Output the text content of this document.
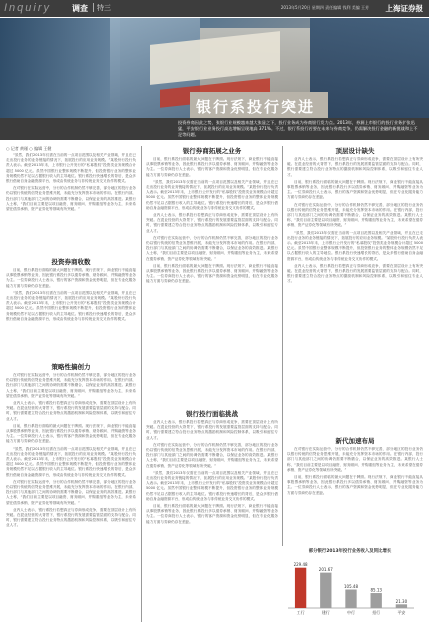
Inquiry	调查 特三	2013年5月20日 星期四 责任编辑 钱利 美编 王芳 上海证券报
银行系投行突进
投资券商因此之势，张银行业规模越来越大张显之下，投行业务成为券商银行发力点。2013年，券源上市银行的投行业务扩张迅猛，平安银行业业务投行高达增幅呈现地高 371%。不过，银行系投行若要在未来与券商竞争，仍需解决投行金融的新挑战和上不足等问题。
○ 记者 黄瑾 ○ 编辑 王健

“虽然，我们2013年仅需在当前的一点项目范围以及相关产业领域，并且在已走出投行业务的业务链接的情况下，拓展投行的应用业务规模。”某股份行投行负责人表示。截至2013年末，上市银行公开发行的“私募股权”投资类业务规模合计超过 5000 亿元。虽然中国银行业整体规模不断提升，但投资银行业务的整体业务规模仍然不足以占据银行收入的主导地位。银行系投行快速增长的背后，是众多银行借助自身金融资源平台，形成由传统业务与非传统业务交叉协作的模式。

在对银行在实际运营中，分行的合作机制仍然不够完善，部分地区的投行业务仍以银行传统的信贷业务思维开展，未能充分发挥资本市场的作用。在银行内部，投行部门与其他部门之间的协调仍需要不断磨合，以保证业务的高效推进。某银行人士称，“我们目前主要是以项目融资、财务顾问、并购重组等业务为主，未来希望在债券承销、资产证券化等领域有所突破。”

投资券商收数

目前，银行系投行面临的最大问题在于牌照。现行法规下，商业银行不能直接从事股票承销等业务，因此银行系投行多以债券承销、财务顾问、并购融资等业务为主。一位券商投行人士表示，银行的客户资源和资金优势明显，但在专业化服务能力方面与券商仍存在差距。

“虽然，我们2013年仅需在当前的一点项目范围以及相关产业领域，并且在已走出投行业务的业务链接的情况下，拓展投行的应用业务规模。”某股份行投行负责人表示。截至2013年末，上市银行公开发行的“私募股权”投资类业务规模合计超过 5000 亿元。虽然中国银行业整体规模不断提升，但投资银行业务的整体业务规模仍然不足以占据银行收入的主导地位。银行系投行快速增长的背后，是众多银行借助自身金融资源平台，形成由传统业务与非传统业务交叉协作的模式。

策略性搞创力

在对银行在实际运营中，分行的合作机制仍然不够完善，部分地区的投行业务仍以银行传统的信贷业务思维开展，未能充分发挥资本市场的作用。在银行内部，投行部门与其他部门之间的协调仍需要不断磨合，以保证业务的高效推进。某银行人士称，“我们目前主要是以项目融资、财务顾问、并购重组等业务为主，未来希望在债券承销、资产证券化等领域有所突破。”

业内人士表示，银行系投行若想真正与券商形成竞争，需要在顶层设计上有所突破。在混业经营的大背景下，银行系投行的发展需要监管层面的支持与配合。同时，银行需要建立符合投行业务特点的激励机制和风险控制体系，以吸引和留住专业人才。

目前，银行系投行面临的最大问题在于牌照。现行法规下，商业银行不能直接从事股票承销等业务，因此银行系投行多以债券承销、财务顾问、并购融资等业务为主。一位券商投行人士表示，银行的客户资源和资金优势明显，但在专业化服务能力方面与券商仍存在差距。

“虽然，我们2013年仅需在当前的一点项目范围以及相关产业领域，并且在已走出投行业务的业务链接的情况下，拓展投行的应用业务规模。”某股份行投行负责人表示。截至2013年末，上市银行公开发行的“私募股权”投资类业务规模合计超过 5000 亿元。虽然中国银行业整体规模不断提升，但投资银行业务的整体业务规模仍然不足以占据银行收入的主导地位。银行系投行快速增长的背后，是众多银行借助自身金融资源平台，形成由传统业务与非传统业务交叉协作的模式。

在对银行在实际运营中，分行的合作机制仍然不够完善，部分地区的投行业务仍以银行传统的信贷业务思维开展，未能充分发挥资本市场的作用。在银行内部，投行部门与其他部门之间的协调仍需要不断磨合，以保证业务的高效推进。某银行人士称，“我们目前主要是以项目融资、财务顾问、并购重组等业务为主，未来希望在债券承销、资产证券化等领域有所突破。”

业内人士表示，银行系投行若想真正与券商形成竞争，需要在顶层设计上有所突破。在混业经营的大背景下，银行系投行的发展需要监管层面的支持与配合。同时，银行需要建立符合投行业务特点的激励机制和风险控制体系，以吸引和留住专业人才。

银行券商拓展之业务

目前，银行系投行面临的最大问题在于牌照。现行法规下，商业银行不能直接从事股票承销等业务，因此银行系投行多以债券承销、财务顾问、并购融资等业务为主。一位券商投行人士表示，银行的客户资源和资金优势明显，但在专业化服务能力方面与券商仍存在差距。

“虽然，我们2013年仅需在当前的一点项目范围以及相关产业领域，并且在已走出投行业务的业务链接的情况下，拓展投行的应用业务规模。”某股份行投行负责人表示。截至2013年末，上市银行公开发行的“私募股权”投资类业务规模合计超过 5000 亿元。虽然中国银行业整体规模不断提升，但投资银行业务的整体业务规模仍然不足以占据银行收入的主导地位。银行系投行快速增长的背后，是众多银行借助自身金融资源平台，形成由传统业务与非传统业务交叉协作的模式。

业内人士表示，银行系投行若想真正与券商形成竞争，需要在顶层设计上有所突破。在混业经营的大背景下，银行系投行的发展需要监管层面的支持与配合。同时，银行需要建立符合投行业务特点的激励机制和风险控制体系，以吸引和留住专业人才。

在对银行在实际运营中，分行的合作机制仍然不够完善，部分地区的投行业务仍以银行传统的信贷业务思维开展，未能充分发挥资本市场的作用。在银行内部，投行部门与其他部门之间的协调仍需要不断磨合，以保证业务的高效推进。某银行人士称，“我们目前主要是以项目融资、财务顾问、并购重组等业务为主，未来希望在债券承销、资产证券化等领域有所突破。”

目前，银行系投行面临的最大问题在于牌照。现行法规下，商业银行不能直接从事股票承销等业务，因此银行系投行多以债券承销、财务顾问、并购融资等业务为主。一位券商投行人士表示，银行的客户资源和资金优势明显，但在专业化服务能力方面与券商仍存在差距。

银行投行面临挑战

业内人士表示，银行系投行若想真正与券商形成竞争，需要在顶层设计上有所突破。在混业经营的大背景下，银行系投行的发展需要监管层面的支持与配合。同时，银行需要建立符合投行业务特点的激励机制和风险控制体系，以吸引和留住专业人才。

在对银行在实际运营中，分行的合作机制仍然不够完善，部分地区的投行业务仍以银行传统的信贷业务思维开展，未能充分发挥资本市场的作用。在银行内部，投行部门与其他部门之间的协调仍需要不断磨合，以保证业务的高效推进。某银行人士称，“我们目前主要是以项目融资、财务顾问、并购重组等业务为主，未来希望在债券承销、资产证券化等领域有所突破。”

“虽然，我们2013年仅需在当前的一点项目范围以及相关产业领域，并且在已走出投行业务的业务链接的情况下，拓展投行的应用业务规模。”某股份行投行负责人表示。截至2013年末，上市银行公开发行的“私募股权”投资类业务规模合计超过 5000 亿元。虽然中国银行业整体规模不断提升，但投资银行业务的整体业务规模仍然不足以占据银行收入的主导地位。银行系投行快速增长的背后，是众多银行借助自身金融资源平台，形成由传统业务与非传统业务交叉协作的模式。

目前，银行系投行面临的最大问题在于牌照。现行法规下，商业银行不能直接从事股票承销等业务，因此银行系投行多以债券承销、财务顾问、并购融资等业务为主。一位券商投行人士表示，银行的客户资源和资金优势明显，但在专业化服务能力方面与券商仍存在差距。

顶层设计缺失

业内人士表示，银行系投行若想真正与券商形成竞争，需要在顶层设计上有所突破。在混业经营的大背景下，银行系投行的发展需要监管层面的支持与配合。同时，银行需要建立符合投行业务特点的激励机制和风险控制体系，以吸引和留住专业人才。

目前，银行系投行面临的最大问题在于牌照。现行法规下，商业银行不能直接从事股票承销等业务，因此银行系投行多以债券承销、财务顾问、并购融资等业务为主。一位券商投行人士表示，银行的客户资源和资金优势明显，但在专业化服务能力方面与券商仍存在差距。

在对银行在实际运营中，分行的合作机制仍然不够完善，部分地区的投行业务仍以银行传统的信贷业务思维开展，未能充分发挥资本市场的作用。在银行内部，投行部门与其他部门之间的协调仍需要不断磨合，以保证业务的高效推进。某银行人士称，“我们目前主要是以项目融资、财务顾问、并购重组等业务为主，未来希望在债券承销、资产证券化等领域有所突破。”

“虽然，我们2013年仅需在当前的一点项目范围以及相关产业领域，并且在已走出投行业务的业务链接的情况下，拓展投行的应用业务规模。”某股份行投行负责人表示。截至2013年末，上市银行公开发行的“私募股权”投资类业务规模合计超过 5000 亿元。虽然中国银行业整体规模不断提升，但投资银行业务的整体业务规模仍然不足以占据银行收入的主导地位。银行系投行快速增长的背后，是众多银行借助自身金融资源平台，形成由传统业务与非传统业务交叉协作的模式。

业内人士表示，银行系投行若想真正与券商形成竞争，需要在顶层设计上有所突破。在混业经营的大背景下，银行系投行的发展需要监管层面的支持与配合。同时，银行需要建立符合投行业务特点的激励机制和风险控制体系，以吸引和留住专业人才。

新代加速布局

在对银行在实际运营中，分行的合作机制仍然不够完善，部分地区的投行业务仍以银行传统的信贷业务思维开展，未能充分发挥资本市场的作用。在银行内部，投行部门与其他部门之间的协调仍需要不断磨合，以保证业务的高效推进。某银行人士称，“我们目前主要是以项目融资、财务顾问、并购重组等业务为主，未来希望在债券承销、资产证券化等领域有所突破。”

目前，银行系投行面临的最大问题在于牌照。现行法规下，商业银行不能直接从事股票承销等业务，因此银行系投行多以债券承销、财务顾问、并购融资等业务为主。一位券商投行人士表示，银行的客户资源和资金优势明显，但在专业化服务能力方面与券商仍存在差距。

部分银行2013年投行业务收入及同比增长
229.48
工行
201.67
建行
105.48
中行
85.13
招行
21.30
平安
